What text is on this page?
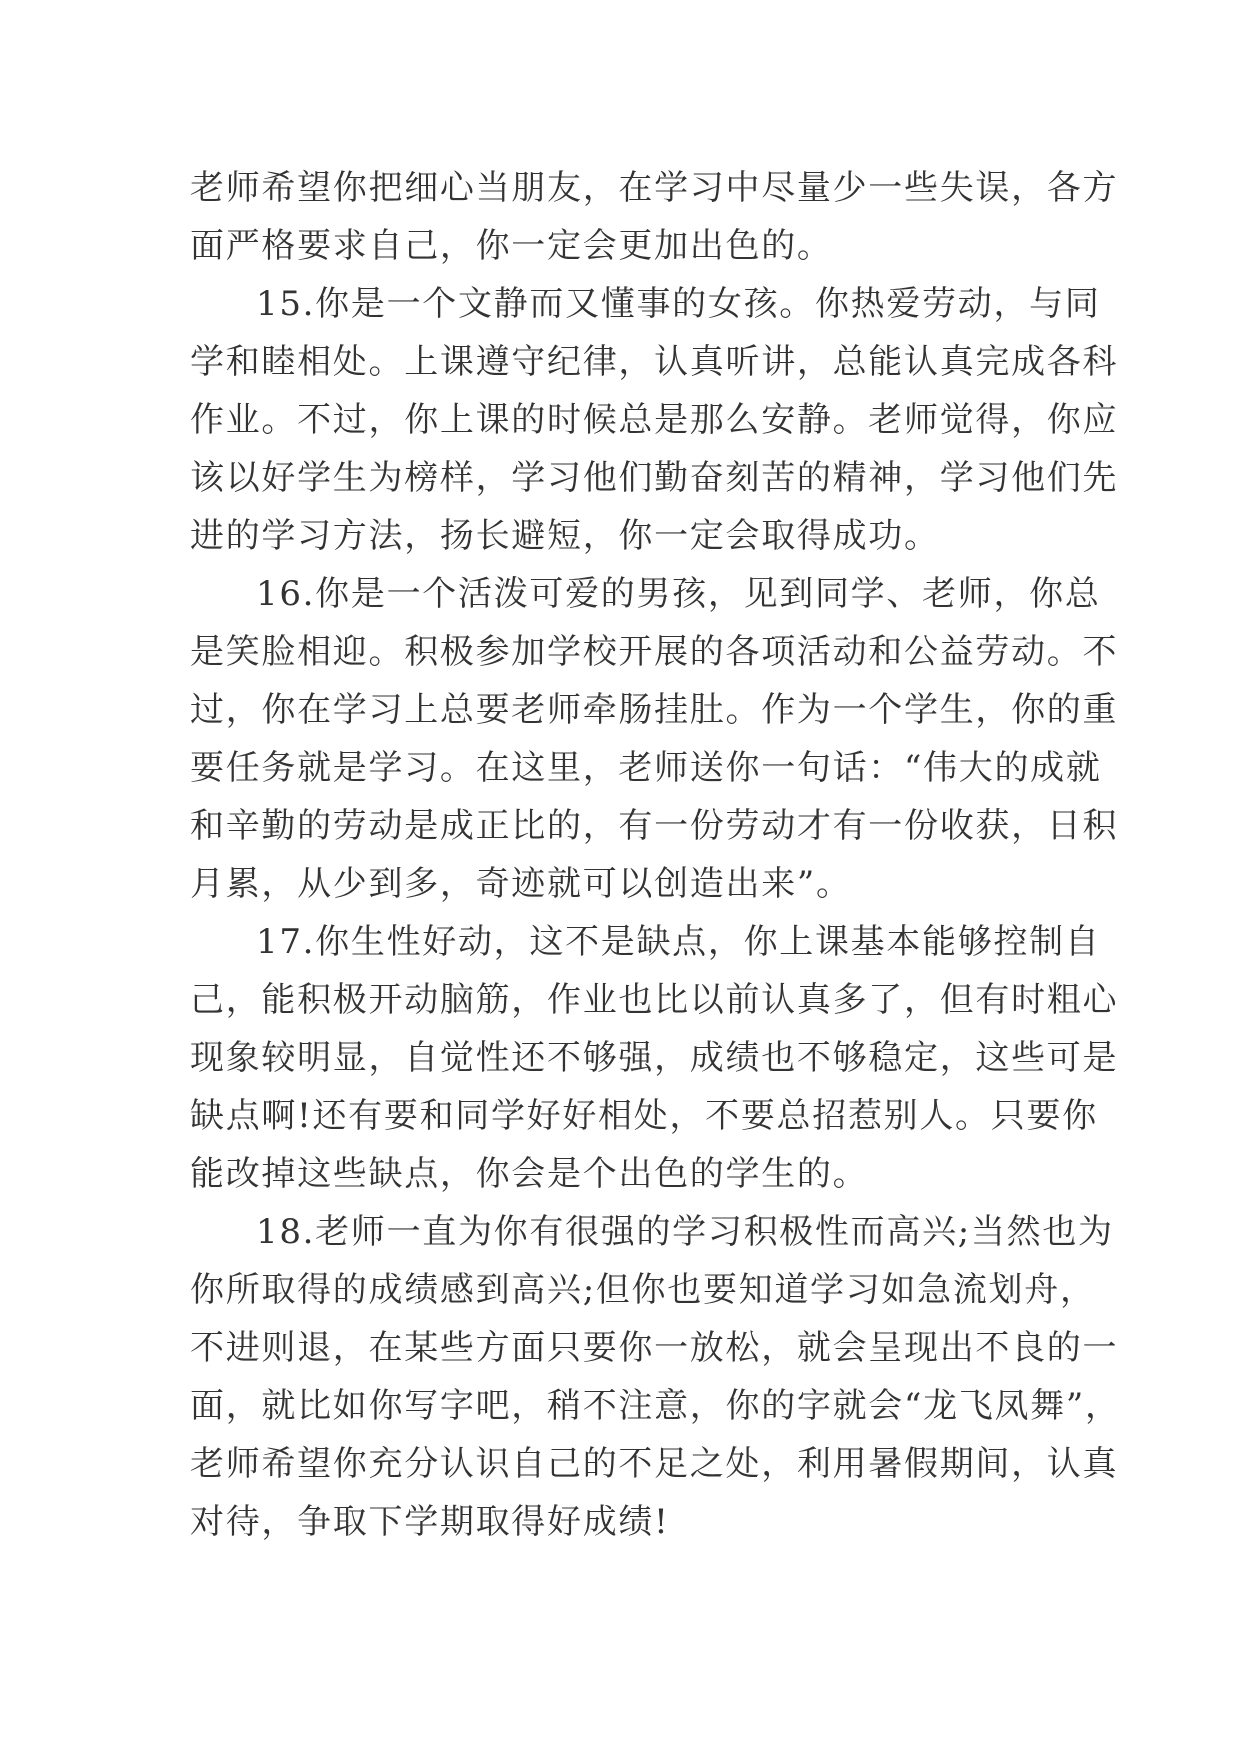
老师希望你把细心当朋友，在学习中尽量少一些失误，各方
面严格要求自己，你一定会更加出色的。
15.你是一个文静而又懂事的女孩。你热爱劳动，与同
学和睦相处。上课遵守纪律，认真听讲，总能认真完成各科
作业。不过，你上课的时候总是那么安静。老师觉得，你应
该以好学生为榜样，学习他们勤奋刻苦的精神，学习他们先
进的学习方法，扬长避短，你一定会取得成功。
16.你是一个活泼可爱的男孩，见到同学、老师，你总
是笑脸相迎。积极参加学校开展的各项活动和公益劳动。不
过，你在学习上总要老师牵肠挂肚。作为一个学生，你的重
要任务就是学习。在这里，老师送你一句话：“伟大的成就
和辛勤的劳动是成正比的，有一份劳动才有一份收获，日积
月累，从少到多，奇迹就可以创造出来”。
17.你生性好动，这不是缺点，你上课基本能够控制自
己，能积极开动脑筋，作业也比以前认真多了，但有时粗心
现象较明显，自觉性还不够强，成绩也不够稳定，这些可是
缺点啊!还有要和同学好好相处，不要总招惹别人。只要你
能改掉这些缺点，你会是个出色的学生的。
18.老师一直为你有很强的学习积极性而高兴;当然也为
你所取得的成绩感到高兴;但你也要知道学习如急流划舟，
不进则退，在某些方面只要你一放松，就会呈现出不良的一
面，就比如你写字吧，稍不注意，你的字就会“龙飞凤舞”，
老师希望你充分认识自己的不足之处，利用暑假期间，认真
对待，争取下学期取得好成绩!
